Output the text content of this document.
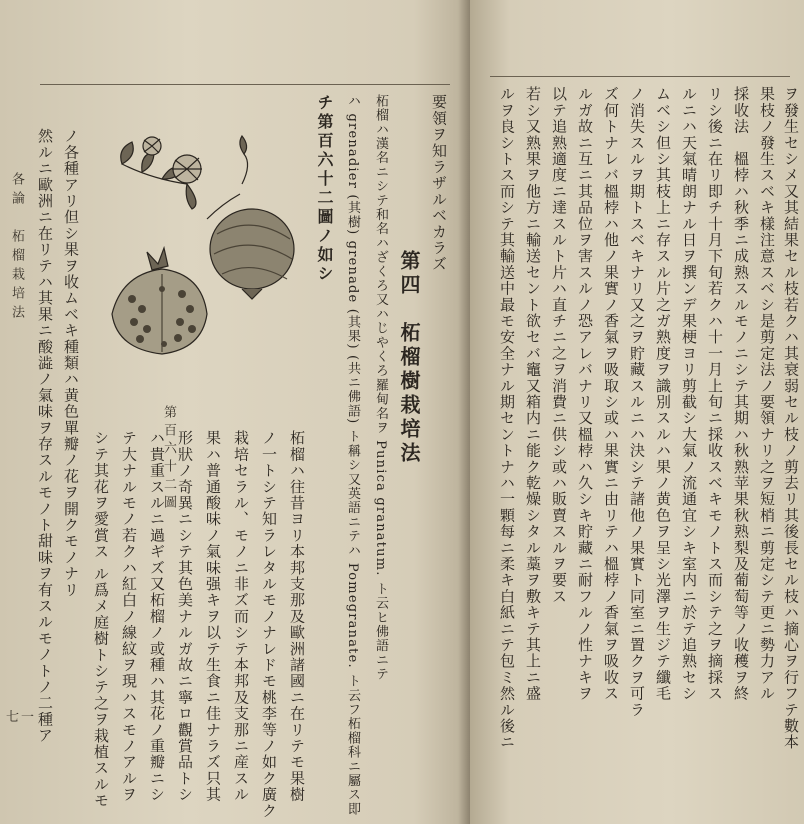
各論　柘榴栽培法
七一 然ルニ歐洲ニ在リテハ其果ニ酸澁ノ氣味ヲ存スルモノト甜味ヲ有スルモノトノ二種ア ノ各種アリ但シ果ヲ收ムベキ種類ハ黄色單瓣ノ花ヲ開クモノナリ	第百六十二圖
シテ其花ヲ愛賞ス ル爲メ庭樹トシテ之ヲ栽植スルモ テ大ナルモノ若クハ紅白ノ線紋ヲ現ハスモノアルヲ ハ貴重スルニ過ギズ又柘榴ノ或種ハ其花ノ重瓣ニシ 形狀ノ奇異ニシテ其色美ナルガ故ニ寧ロ觀賞品トシ 果ハ普通酸味ノ氣味强キヲ以テ生食ニ佳ナラズ只其 栽培セラル、モノニ非ズ而シテ本邦及支那ニ産スル ノ一トシテ知ラレタルモノナレドモ桃李等ノ如ク廣ク 柘榴ハ往昔ヨリ本邦支那及歐洲諸國ニ在リテモ果樹
チ第百六十二圖ノ如シ ハ grenadier (其樹) grenade (其果) (共ニ佛語) ト稱シ又英語ニテハ Pomegranate. ト云フ柘榴科ニ屬ス即 柘榴ハ漢名ニシテ和名ハざくろ又ハじやくろ羅甸名ヲ Punica granatum. ト云ヒ佛語ニテ 第四　柘榴樹栽培法
要領ヲ知ラザルベカラズ	ルヲ良シトス而シテ其輸送中最モ安全ナル期セントナハ一顆每ニ柔キ白紙ニテ包ミ然ル後ニ 若シ又熟果ヲ他方ニ輸送セント欲セバ竈又箱内ニ能ク乾燥シタル藁ヲ敷キテ其上ニ盛 以テ追熟適度ニ達スルト片ハ直チニ之ヲ消費ニ供シ或ハ販賣スルヲ要ス ルガ故ニ互ニ其品位ヲ害スルノ恐アレバナリ又榲桲ハ久シキ貯藏ニ耐フルノ性ナキヲ ズ何トナレバ榲桲ハ他ノ果實ノ香氣ヲ吸取シ或ハ果實ニ由リテハ榲桲ノ香氣ヲ吸收ス ノ消失スルヲ期トスベキナリ又之ヲ貯藏スルニハ決シテ諸他ノ果實ト同室ニ置クヲ可ラ ムベシ但シ其枝上ニ存スル片之ガ熟度ヲ識別スルハ果ノ黄色ヲ呈シ光澤ヲ生ジテ纖毛 ルニハ天氣晴朗ナル日ヲ撰ンデ果梗ヨリ剪截シ大氣ノ流通宜シキ室内ニ於テ追熟セシ リシ後ニ在リ即チ十月下旬若クハ十一月上旬ニ採收スベキモノトス而シテ之ヲ摘採ス 採收法　榲桲ハ秋季ニ成熟スルモノニシテ其期ハ秋熟苹果秋熟梨及葡萄等ノ收穫ヲ終 果枝ノ發生スベキ樣注意スベシ是剪定法ノ要領ナリ之ヲ短梢ニ剪定シテ更ニ勢力アル ヲ發生セシメ又其結果セル枝若クハ其衰弱セル枝ノ剪去リ其後長セル枝ハ摘心ヲ行フテ數本
